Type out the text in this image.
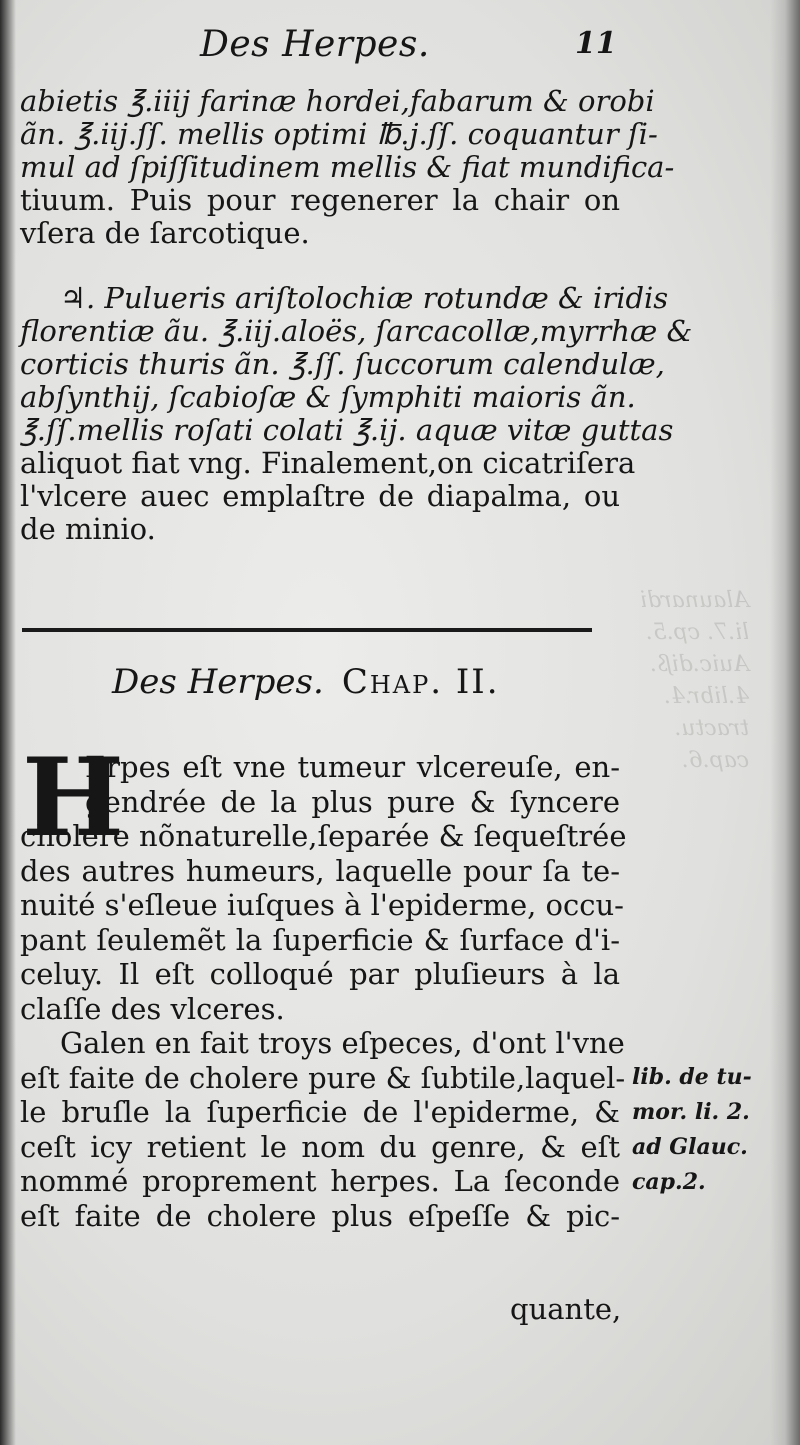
Alaunardi
li.7. cp.5.
Auic.diß.
4.libr.4.
tractu.
cap.6.
Des Herpes.	11
abietis ℥.iiij farinæ hordei,fabarum & orobi
ãn. ℥.iij.ſſ. mellis optimi ℔.j.ſſ. coquantur ſi-
mul ad ſpiſſitudinem mellis & fiat mundifica-
tiuum. Puis pour regenerer la chair on
vſera de ſarcotique.
♃. Pulueris ariſtolochiæ rotundæ & iridis
florentiæ ãu. ℥.iij.aloës, ſarcacollæ,myrrhæ &
corticis thuris ãn. ℥.ſſ. ſuccorum calendulæ,
abſynthij, ſcabioſæ & ſymphiti maioris ãn.
℥.ſſ.mellis roſati colati ℥.ij. aquæ vitæ guttas
aliquot fiat vng. Finalement,on cicatriſera
l'vlcere auec emplaſtre de diapalma, ou
de minio.
Des Herpes. Chap. II.
H
Erpes eſt vne tumeur vlcereuſe, en-
gendrée de la plus pure & ſyncere
cholere nõnaturelle,ſeparée & ſequeſtrée
des autres humeurs, laquelle pour ſa te-
nuité s'eſleue iuſques à l'epiderme, occu-
pant ſeulemẽt la ſuperficie & ſurface d'i-
celuy. Il eſt colloqué par pluſieurs à la
claſſe des vlceres.
Galen en fait troys eſpeces, d'ont l'vne
eſt faite de cholere pure & ſubtile,laquel-
le bruſle la ſuperficie de l'epiderme, &
ceſt icy retient le nom du genre, & eſt
nommé proprement herpes. La ſeconde
eſt faite de cholere plus eſpeſſe & pic-
quante,
lib. de tu-
mor. li. 2.
ad Glauc.
cap.2.
